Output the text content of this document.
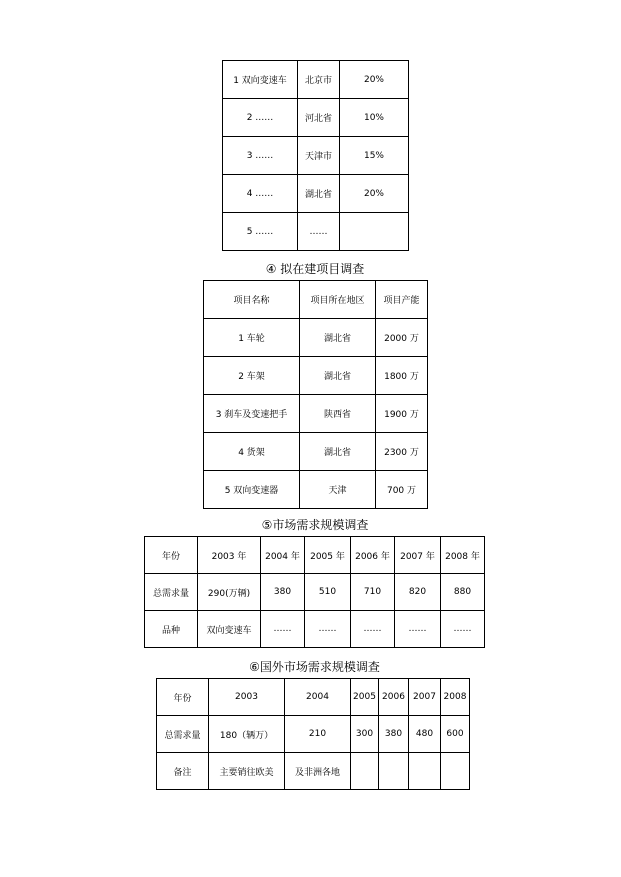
1 双向变速车	北京市	20%
2 ……	河北省	10%
3 ……	天津市	15%
4 ……	湖北省	20%
5 ……	……	
④ 拟在建项目调查
项目名称	项目所在地区	项目产能
1 车轮	湖北省	2000 万
2 车架	湖北省	1800 万
3 刹车及变速把手	陕西省	1900 万
4 货架	湖北省	2300 万
5 双向变速器	天津	700 万
⑤市场需求规模调查
年份	2003 年	2004 年	2005 年	2006 年	2007 年	2008 年
总需求量	290(万辆)	380	510	710	820	880
品种	双向变速车	……	……	……	……	……
⑥国外市场需求规模调查
年份	2003	2004	2005	2006	2007	2008
总需求量	180（辆万）	210	300	380	480	600
备注	主要销往欧美	及非洲各地				
